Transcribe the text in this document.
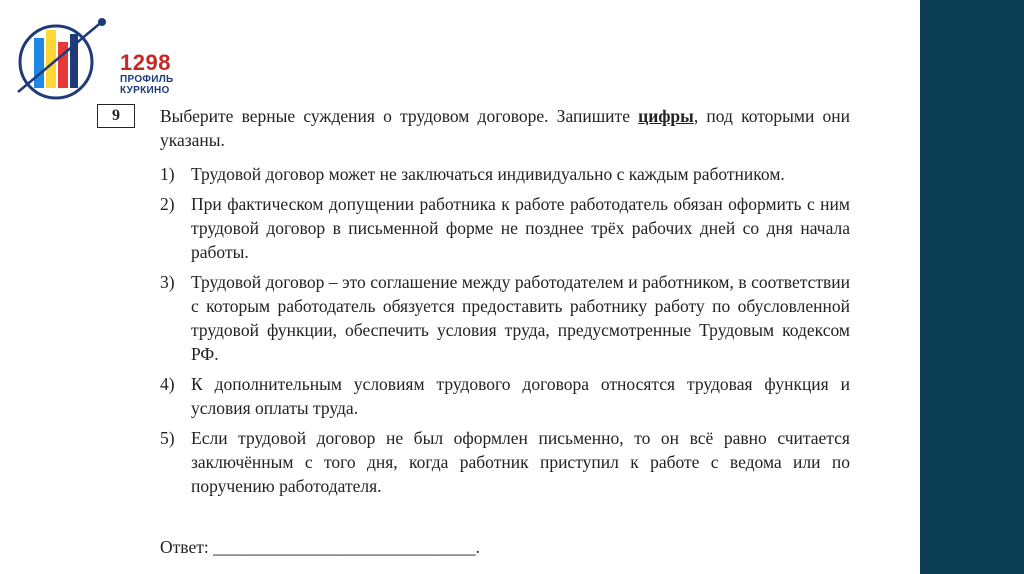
1298
ПРОФИЛЬ
КУРКИНО
9	Выберите верные суждения о трудовом договоре. Запишите цифры, под которыми они указаны.

1) Трудовой договор может не заключаться индивидуально с каждым работником.
2) При фактическом допущении работника к работе работодатель обязан оформить с ним трудовой договор в письменной форме не позднее трёх рабочих дней со дня начала работы.
3) Трудовой договор – это соглашение между работодателем и работником, в соответствии с которым работодатель обязуется предоставить работнику работу по обусловленной трудовой функции, обеспечить условия труда, предусмотренные Трудовым кодексом РФ.
4) К дополнительным условиям трудового договора относятся трудовая функция и условия оплаты труда.
5) Если трудовой договор не был оформлен письменно, то он всё равно считается заключённым с того дня, когда работник приступил к работе с ведома или по поручению работодателя.
Ответ: ______________________________.
